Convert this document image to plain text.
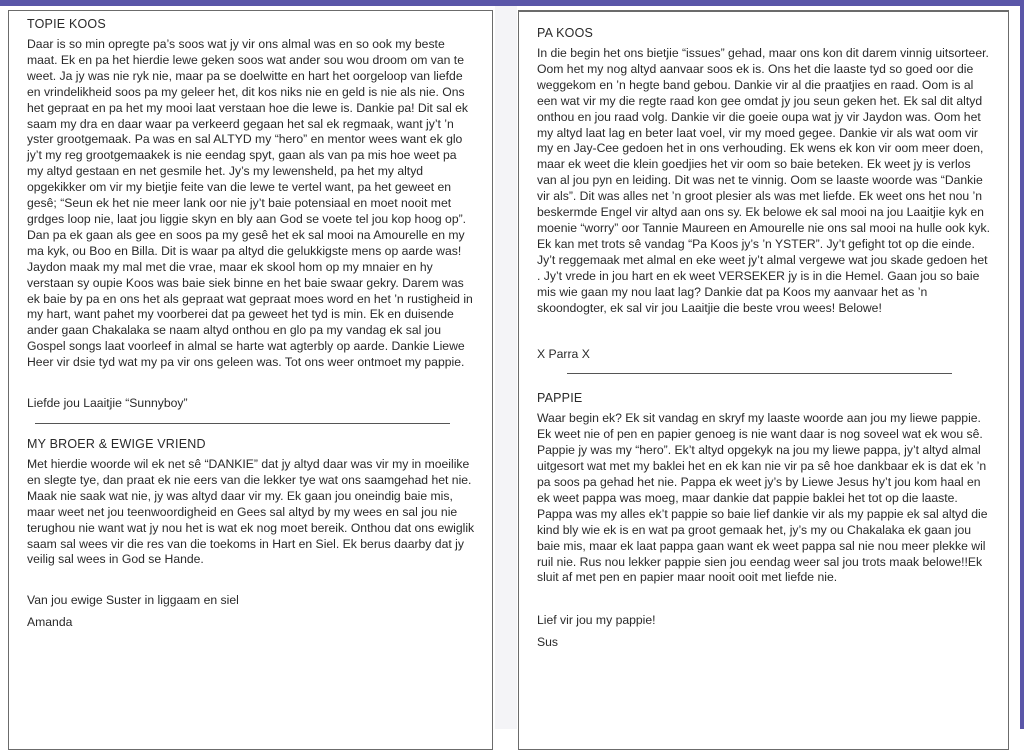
TOPIE KOOS

Daar is so min opregte pa’s soos wat jy vir ons almal was en so ook my beste maat. Ek en pa het hierdie lewe geken soos wat ander sou wou droom om van te weet. Ja jy was nie ryk nie, maar pa se doelwitte en hart het oorgeloop van liefde en vrindelikheid soos pa my geleer het, dit kos niks nie en geld is nie als nie. Ons het gepraat en pa het my mooi laat verstaan hoe die lewe is. Dankie pa! Dit sal ek saam my dra en daar waar pa verkeerd gegaan het sal ek regmaak, want jy’t ’n yster grootgemaak. Pa was en sal ALTYD my “hero” en mentor wees want ek glo jy’t my reg grootgemaakek is nie eendag spyt, gaan als van pa mis hoe weet pa my altyd gestaan en net gesmile het. Jy’s my lewensheld, pa het my altyd opgekikker om vir my bietjie feite van die lewe te vertel want, pa het geweet en gesê; “Seun ek het nie meer lank oor nie jy’t baie potensiaal en moet nooit met grdges loop nie, laat jou liggie skyn en bly aan God se voete tel jou kop hoog op”. Dan pa ek gaan als gee en soos pa my gesê het ek sal mooi na Amourelle en my ma kyk, ou Boo en Billa. Dit is waar pa altyd die gelukkigste mens op aarde was! Jaydon maak my mal met die vrae, maar ek skool hom op my mnaier en hy verstaan sy oupie Koos was baie siek binne en het baie swaar gekry. Darem was ek baie by pa en ons het als gepraat wat gepraat moes word en het ’n rustigheid in my hart, want pahet my voorberei dat pa geweet het tyd is min. Ek en duisende ander gaan Chakalaka se naam altyd onthou en glo pa my vandag ek sal jou Gospel songs laat voorleef in almal se harte wat agterbly op aarde. Dankie Liewe Heer vir dsie tyd wat my pa vir ons geleen was. Tot ons weer ontmoet my pappie.

Liefde jou Laaitjie “Sunnyboy”

MY BROER & EWIGE VRIEND

Met hierdie woorde wil ek net sê “DANKIE” dat jy altyd daar was vir my in moeilike en slegte tye, dan praat ek nie eers van die lekker tye wat ons saamgehad het nie. Maak nie saak wat nie, jy was altyd daar vir my. Ek gaan jou oneindig baie mis, maar weet net jou teenwoordigheid en Gees sal altyd by my wees en sal jou nie terughou nie want wat jy nou het is wat ek nog moet bereik. Onthou dat ons ewiglik saam sal wees vir die res van die toekoms in Hart en Siel. Ek berus daarby dat jy veilig sal wees in God se Hande.

Van jou ewige Suster in liggaam en siel

Amanda

PA KOOS

In die begin het ons bietjie “issues” gehad, maar ons kon dit darem vinnig uitsorteer. Oom het my nog altyd aanvaar soos ek is. Ons het die laaste tyd so goed oor die weggekom en ’n hegte band gebou. Dankie vir al die praatjies en raad. Oom is al een wat vir my die regte raad kon gee omdat jy jou seun geken het. Ek sal dit altyd onthou en jou raad volg. Dankie vir die goeie oupa wat jy vir Jaydon was. Oom het my altyd laat lag en beter laat voel, vir my moed gegee. Dankie vir als wat oom vir my en Jay-Cee gedoen het in ons verhouding. Ek wens ek kon vir oom meer doen, maar ek weet die klein goedjies het vir oom so baie beteken. Ek weet jy is verlos van al jou pyn en leiding. Dit was net te vinnig. Oom se laaste woorde was “Dankie vir als”. Dit was alles net ’n groot plesier als was met liefde. Ek weet ons het nou ’n beskermde Engel vir altyd aan ons sy. Ek belowe ek sal mooi na jou Laaitjie kyk en moenie “worry” oor Tannie Maureen en Amourelle nie ons sal mooi na hulle ook kyk. Ek kan met trots sê vandag “Pa Koos jy’s ’n YSTER”. Jy’t gefight tot op die einde. Jy’t reggemaak met almal en eke weet jy’t almal vergewe wat jou skade gedoen het . Jy’t vrede in jou hart en ek weet VERSEKER jy is in die Hemel. Gaan jou so baie mis wie gaan my nou laat lag? Dankie dat pa Koos my aanvaar het as ’n skoondogter, ek sal vir jou Laaitjie die beste vrou wees! Belowe!

X Parra X

PAPPIE

Waar begin ek? Ek sit vandag en skryf my laaste woorde aan jou my liewe pappie. Ek weet nie of pen en papier genoeg is nie want daar is nog soveel wat ek wou sê. Pappie jy was my “hero”. Ek’t altyd opgekyk na jou my liewe pappa, jy’t altyd almal uitgesort wat met my baklei het en ek kan nie vir pa sê hoe dankbaar ek is dat ek ’n pa soos pa gehad het nie. Pappa ek weet jy’s by Liewe Jesus hy’t jou kom haal en ek weet pappa was moeg, maar dankie dat pappie baklei het tot op die laaste. Pappa was my alles ek’t pappie so baie lief dankie vir als my pappie ek sal altyd die kind bly wie ek is en wat pa groot gemaak het, jy’s my ou Chakalaka ek gaan jou baie mis, maar ek laat pappa gaan want ek weet pappa sal nie nou meer plekke wil ruil nie. Rus nou lekker pappie sien jou eendag weer sal jou trots maak belowe!!Ek sluit af met pen en papier maar nooit ooit met liefde nie.

Lief vir jou my pappie!

Sus
